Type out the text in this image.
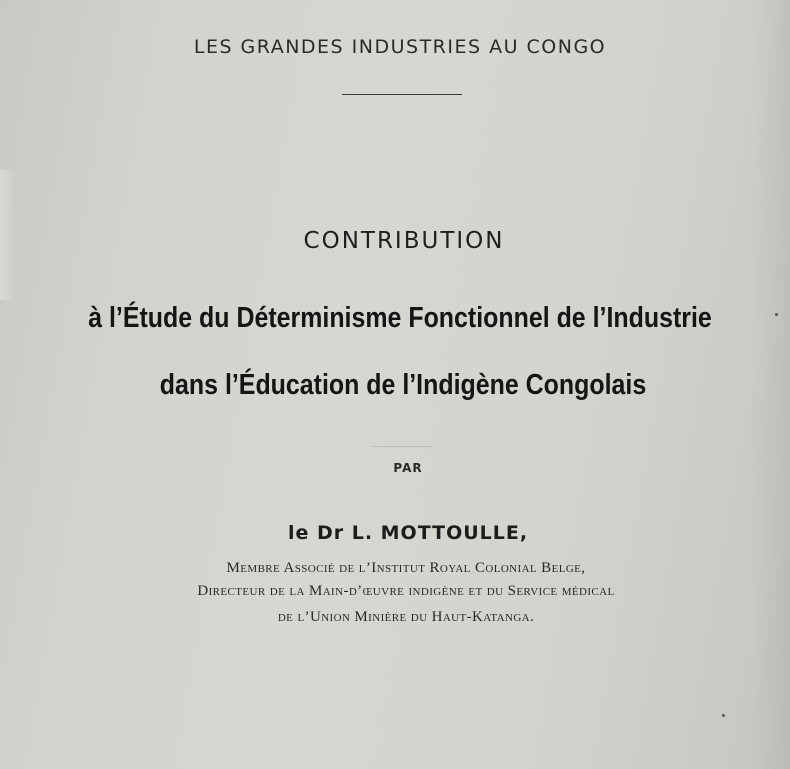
LES GRANDES INDUSTRIES AU CONGO
CONTRIBUTION
à l’Étude du Déterminisme Fonctionnel de l’Industrie
dans l’Éducation de l’Indigène Congolais
PAR
le Dr L. MOTTOULLE,
Membre Associé de l’Institut Royal Colonial Belge,
Directeur de la Main-d’œuvre indigène et du Service médical
de l’Union Minière du Haut-Katanga.
